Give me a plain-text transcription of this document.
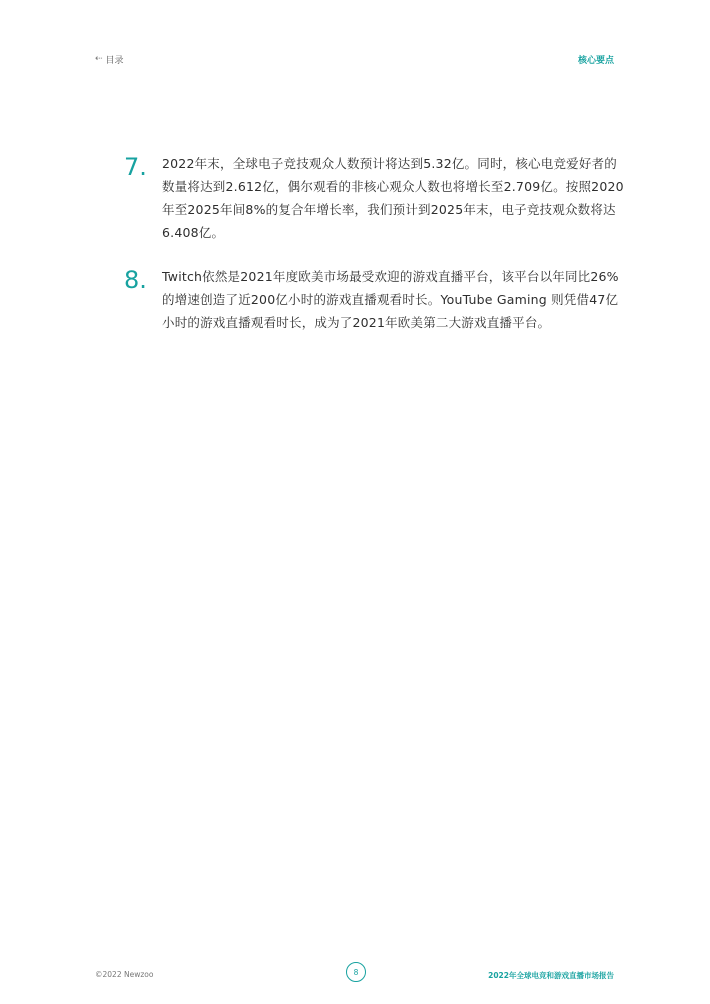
⇠ 目录	核心要点
7.	2022年末，全球电子竞技观众人数预计将达到5.32亿。同时，核心电竞爱好者的数量将达到2.612亿，偶尔观看的非核心观众人数也将增长至2.709亿。按照2020年至2025年间8%的复合年增长率，我们预计到2025年末，电子竞技观众数将达6.408亿。
8.	Twitch依然是2021年度欧美市场最受欢迎的游戏直播平台，该平台以年同比26%的增速创造了近200亿小时的游戏直播观看时长。YouTube Gaming 则凭借47亿小时的游戏直播观看时长，成为了2021年欧美第二大游戏直播平台。
©2022 Newzoo	8	2022年全球电竞和游戏直播市场报告
